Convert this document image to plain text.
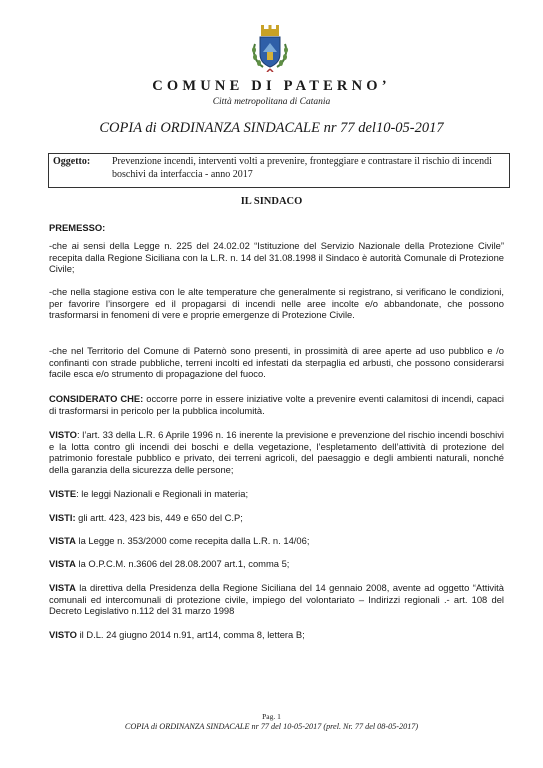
COMUNE DI PATERNO’
Città metropolitana di Catania
COPIA di ORDINANZA SINDACALE nr 77 del10-05-2017
Oggetto: Prevenzione incendi, interventi volti a prevenire, fronteggiare e contrastare il rischio di incendi boschivi da interfaccia - anno 2017
IL SINDACO

PREMESSO:

-che ai sensi della Legge n. 225 del 24.02.02 “Istituzione del Servizio Nazionale della Protezione Civile” recepita dalla Regione Siciliana con la L.R. n. 14 del 31.08.1998 il Sindaco è autorità Comunale di Protezione Civile;

-che nella stagione estiva con le alte temperature che generalmente si registrano, si verificano le condizioni, per favorire l’insorgere ed il propagarsi di incendi nelle aree incolte e/o abbandonate, che possono trasformarsi in fenomeni di vere e proprie emergenze di Protezione Civile.

-che nel Territorio del Comune di Paternò sono presenti, in prossimità di aree aperte ad uso pubblico e /o confinanti con strade pubbliche, terreni incolti ed infestati da sterpaglia ed arbusti, che possono considerarsi facile esca e/o strumento di propagazione del fuoco.

CONSIDERATO CHE: occorre porre in essere iniziative volte a prevenire eventi calamitosi di incendi, capaci di trasformarsi in pericolo per la pubblica incolumità.

VISTO: l’art. 33 della L.R. 6 Aprile 1996 n. 16 inerente la previsione e prevenzione del rischio incendi boschivi e la lotta contro gli incendi dei boschi e della vegetazione, l’espletamento dell’attività di protezione del patrimonio forestale pubblico e privato, dei terreni agricoli, del paesaggio e degli ambienti naturali, nonché della garanzia della sicurezza delle persone;

VISTE: le leggi Nazionali e Regionali in materia;

VISTI: gli artt. 423, 423 bis, 449 e 650 del C.P;

VISTA la Legge n. 353/2000 come recepita dalla L.R. n. 14/06;

VISTA la O.P.C.M. n.3606 del 28.08.2007 art.1, comma 5;

VISTA la direttiva della Presidenza della Regione Siciliana del 14 gennaio 2008, avente ad oggetto “Attività comunali ed intercomunali di protezione civile, impiego del volontariato – Indirizzi regionali .- art. 108 del Decreto Legislativo n.112 del 31 marzo 1998

VISTO il D.L. 24 giugno 2014 n.91, art14, comma 8, lettera B;

Pag. 1
COPIA di ORDINANZA SINDACALE nr 77 del 10-05-2017 (prel. Nr. 77 del 08-05-2017)
